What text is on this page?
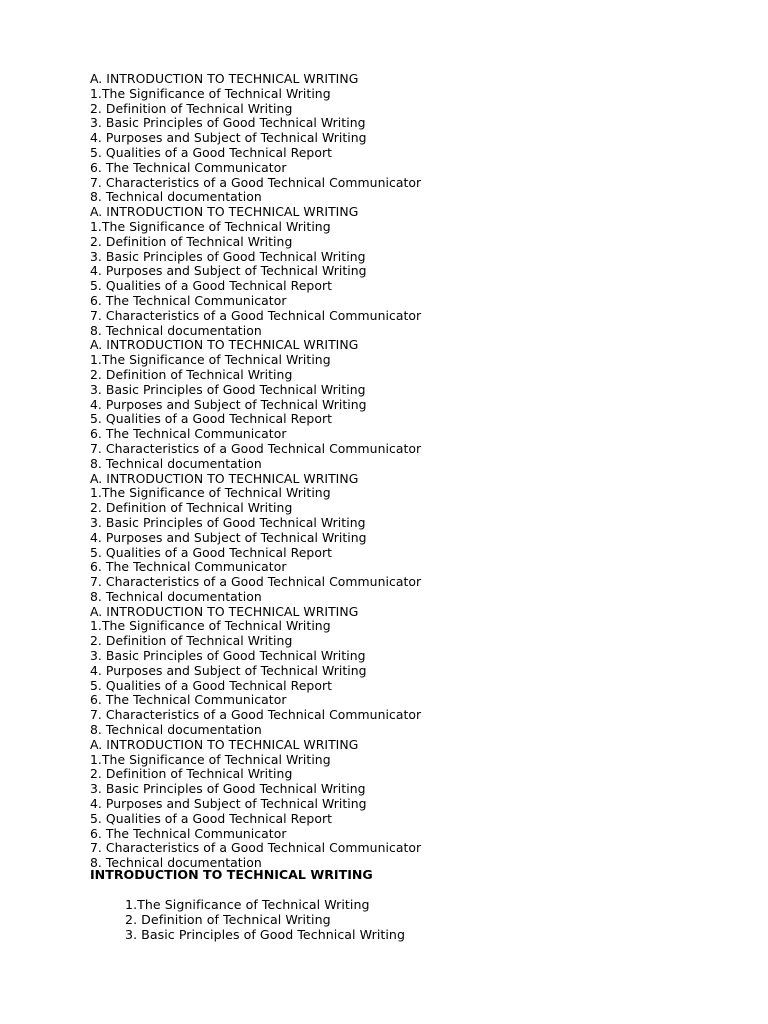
A. INTRODUCTION TO TECHNICAL WRITING
1.The Significance of Technical Writing
2. Definition of Technical Writing
3. Basic Principles of Good Technical Writing
4. Purposes and Subject of Technical Writing
5. Qualities of a Good Technical Report
6. The Technical Communicator
7. Characteristics of a Good Technical Communicator
8. Technical documentation
A. INTRODUCTION TO TECHNICAL WRITING
1.The Significance of Technical Writing
2. Definition of Technical Writing
3. Basic Principles of Good Technical Writing
4. Purposes and Subject of Technical Writing
5. Qualities of a Good Technical Report
6. The Technical Communicator
7. Characteristics of a Good Technical Communicator
8. Technical documentation
A. INTRODUCTION TO TECHNICAL WRITING
1.The Significance of Technical Writing
2. Definition of Technical Writing
3. Basic Principles of Good Technical Writing
4. Purposes and Subject of Technical Writing
5. Qualities of a Good Technical Report
6. The Technical Communicator
7. Characteristics of a Good Technical Communicator
8. Technical documentation
A. INTRODUCTION TO TECHNICAL WRITING
1.The Significance of Technical Writing
2. Definition of Technical Writing
3. Basic Principles of Good Technical Writing
4. Purposes and Subject of Technical Writing
5. Qualities of a Good Technical Report
6. The Technical Communicator
7. Characteristics of a Good Technical Communicator
8. Technical documentation
A. INTRODUCTION TO TECHNICAL WRITING
1.The Significance of Technical Writing
2. Definition of Technical Writing
3. Basic Principles of Good Technical Writing
4. Purposes and Subject of Technical Writing
5. Qualities of a Good Technical Report
6. The Technical Communicator
7. Characteristics of a Good Technical Communicator
8. Technical documentation
A. INTRODUCTION TO TECHNICAL WRITING
1.The Significance of Technical Writing
2. Definition of Technical Writing
3. Basic Principles of Good Technical Writing
4. Purposes and Subject of Technical Writing
5. Qualities of a Good Technical Report
6. The Technical Communicator
7. Characteristics of a Good Technical Communicator
8. Technical documentation
INTRODUCTION TO TECHNICAL WRITING
1.The Significance of Technical Writing
2. Definition of Technical Writing
3. Basic Principles of Good Technical Writing
